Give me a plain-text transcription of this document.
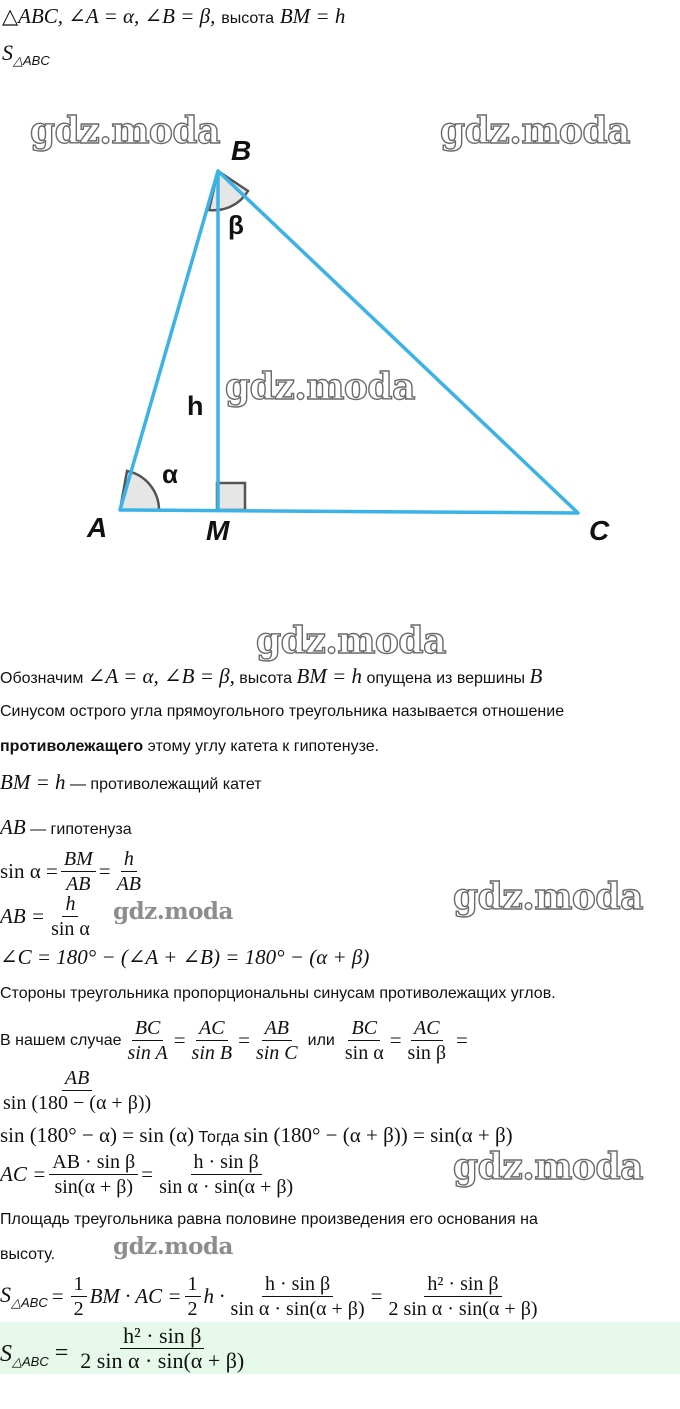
△ABC, ∠A = α, ∠B = β, высота BM = h
$S_{\triangle ABC}$
A
B
C
M
h
α
β
gdz.moda	gdz.moda
gdz.moda
gdz.moda
gdz.moda
gdz.moda
gdz.moda
gdz.moda
Обозначим ∠A = α, ∠B = β, высота BM = h опущена из вершины B
Синусом острого угла прямоугольного треугольника называется отношение
противолежащего этому углу катета к гипотенузе.
BM = h — противолежащий катет
AB — гипотенуза
$\sin \alpha = \frac{BM}{AB} = \frac{h}{AB}$
AB = $\frac{h}{\text{sin α}}$
∠C = 180° − (∠A + ∠B) = 180° − (α + β)
Стороны треугольника пропорциональны синусам противолежащих углов.
В нашем случае $\frac{BC}{\text{sin A}} = \frac{AC}{\text{sin B}} = \frac{AB}{\text{sin C}}$ или $\frac{BC}{\text{sin α}} = \frac{AC}{\text{sin β}}$ =
$\frac{AB}{\sin (180 - (\alpha + \beta))}$
sin (180° − α) = sin (α) Тогда sin (180° − (α + β)) = sin(α + β)
AC = $\frac{\text{AB · sin β}}{\sin(\alpha + \beta)} = \frac{\text{h · sin β}}{\text{sin α · sin(α + β)}}$
Площадь треугольника равна половине произведения его основания на
высоту.
$S_{\triangle ABC} = \frac{1}{2}$ BM · AC = $\frac{1}{2}$ $h \cdot \frac{\text{h · sin β}}{\text{sin α · sin(α + β)}} = \frac{\text{h² · sin β}}{\text{2 sin α · sin(α + β)}}$
$S_{\triangle ABC} = \frac{\text{h² · sin β}}{\text{2 sin α · sin(α + β)}}$
